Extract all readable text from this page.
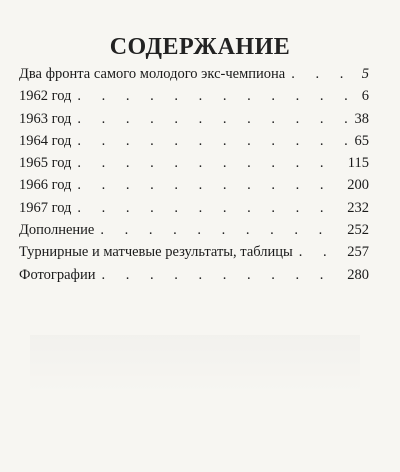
СОДЕРЖАНИЕ
Два фронта самого молодого экс-чемпиона . . .	5
1962 год . . .	6
1963 год . . .	38
1964 год . . .	65
1965 год . . .	115
1966 год . . .	200
1967 год . . .	232
Дополнение . . .	252
Турнирные и матчевые результаты, таблицы . . .	257
Фотографии . . .	280
